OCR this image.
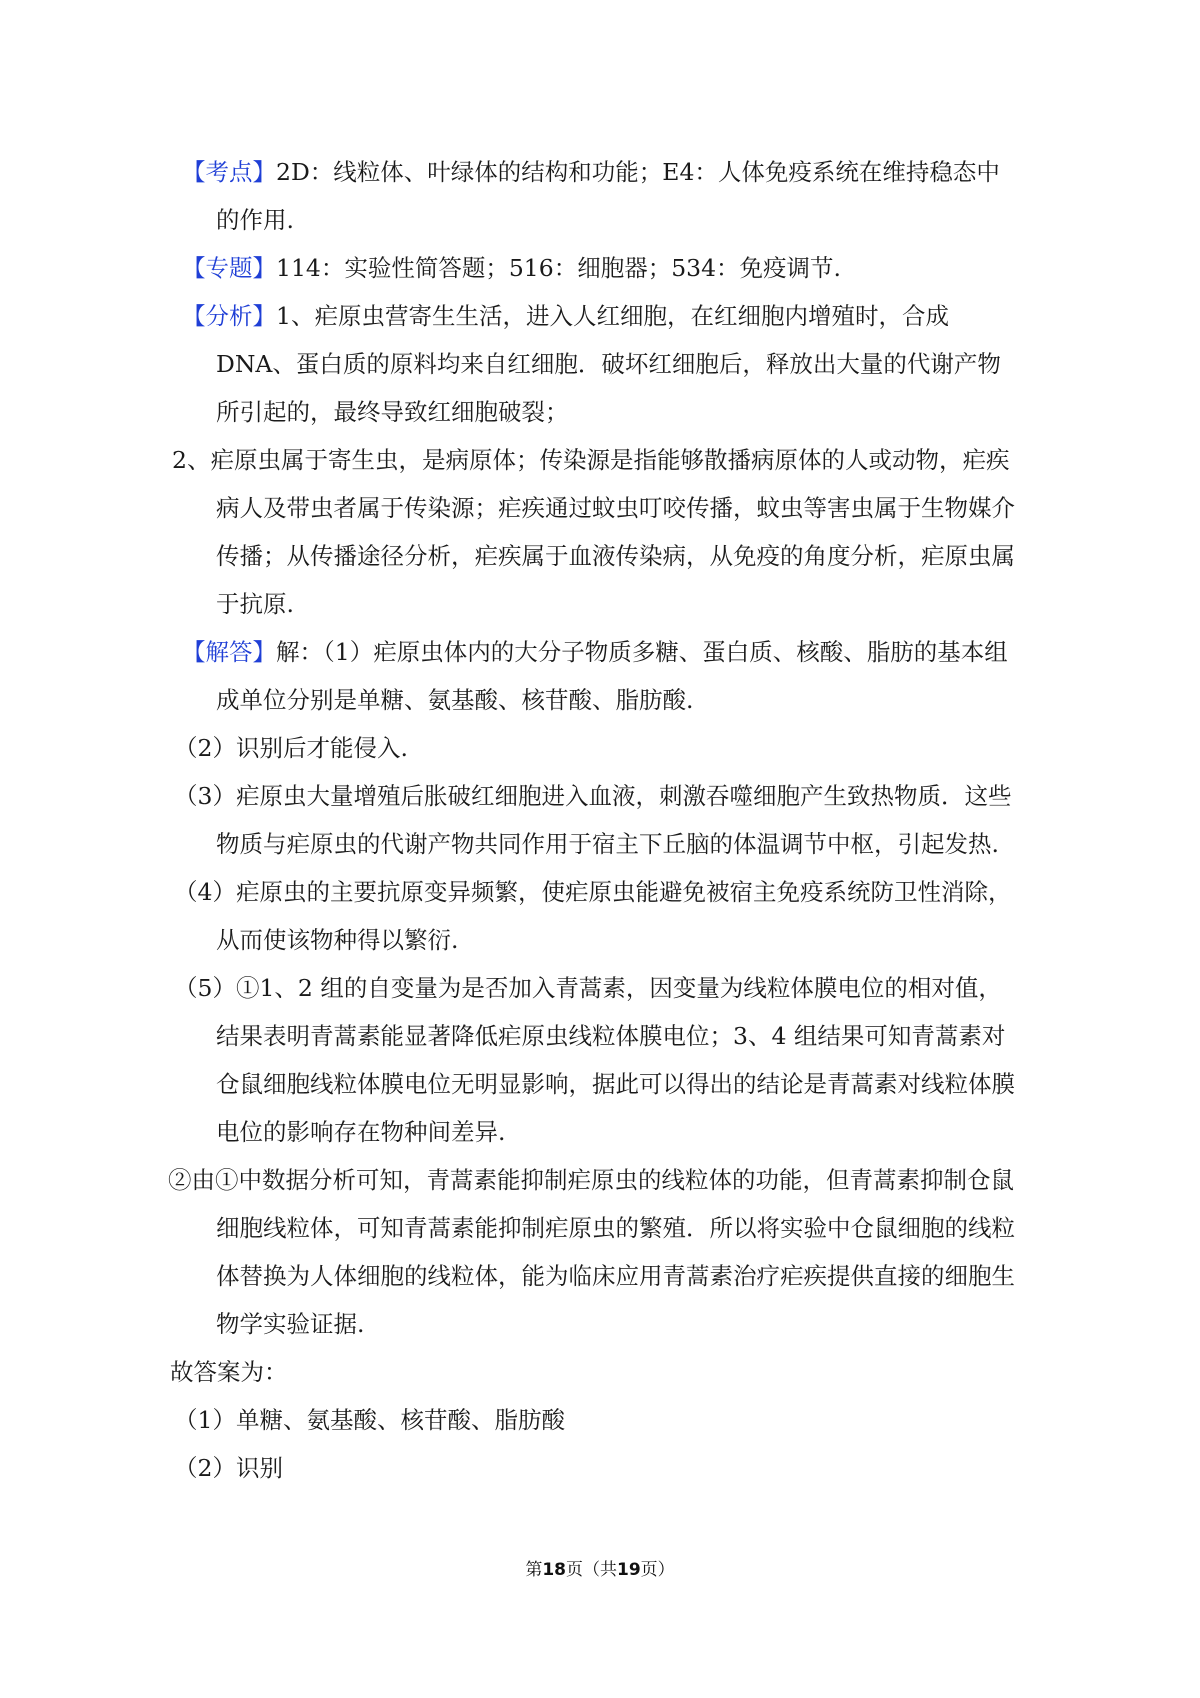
【考点】2D：线粒体、叶绿体的结构和功能；E4：人体免疫系统在维持稳态中的作用.

【专题】114：实验性简答题；516：细胞器；534：免疫调节.

【分析】1、疟原虫营寄生生活，进入人红细胞，在红细胞内增殖时，合成 DNA、蛋白质的原料均来自红细胞．破坏红细胞后，释放出大量的代谢产物所引起的，最终导致红细胞破裂；

2、疟原虫属于寄生虫，是病原体；传染源是指能够散播病原体的人或动物，疟疾病人及带虫者属于传染源；疟疾通过蚊虫叮咬传播，蚊虫等害虫属于生物媒介传播；从传播途径分析，疟疾属于血液传染病，从免疫的角度分析，疟原虫属于抗原.

【解答】解：（1）疟原虫体内的大分子物质多糖、蛋白质、核酸、脂肪的基本组成单位分别是单糖、氨基酸、核苷酸、脂肪酸.

（2）识别后才能侵入.

（3）疟原虫大量增殖后胀破红细胞进入血液，刺激吞噬细胞产生致热物质．这些物质与疟原虫的代谢产物共同作用于宿主下丘脑的体温调节中枢，引起发热.

（4）疟原虫的主要抗原变异频繁，使疟原虫能避免被宿主免疫系统防卫性消除，从而使该物种得以繁衍.

（5）①1、2 组的自变量为是否加入青蒿素，因变量为线粒体膜电位的相对值，结果表明青蒿素能显著降低疟原虫线粒体膜电位；3、4 组结果可知青蒿素对仓鼠细胞线粒体膜电位无明显影响，据此可以得出的结论是青蒿素对线粒体膜电位的影响存在物种间差异.

②由①中数据分析可知，青蒿素能抑制疟原虫的线粒体的功能，但青蒿素抑制仓鼠细胞线粒体，可知青蒿素能抑制疟原虫的繁殖．所以将实验中仓鼠细胞的线粒体替换为人体细胞的线粒体，能为临床应用青蒿素治疗疟疾提供直接的细胞生物学实验证据.

故答案为：

（1）单糖、氨基酸、核苷酸、脂肪酸

（2）识别

第18页（共19页）
